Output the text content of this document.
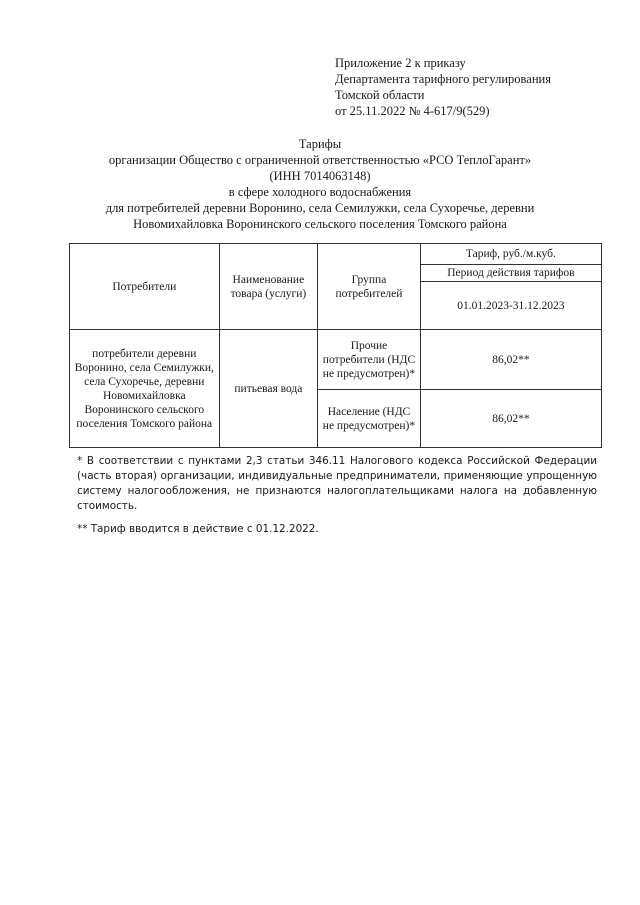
Приложение 2 к приказу
Департамента тарифного регулирования
Томской области
от 25.11.2022 № 4-617/9(529)
Тарифы
организации Общество с ограниченной ответственностью «РСО ТеплоГарант»
(ИНН 7014063148)
в сфере холодного водоснабжения
для потребителей деревни Воронино, села Семилужки, села Сухоречье, деревни
Новомихайловка Воронинского сельского поселения Томского района
Потребители	Наименование товара (услуги)	Группа потребителей	Тариф, руб./м.куб.
			Период действия тарифов
			01.01.2023-31.12.2023
потребители деревни Воронино, села Семилужки, села Сухоречье, деревни Новомихайловка Воронинского сельского поселения Томского района	питьевая вода	Прочие потребители (НДС не предусмотрен)*	86,02**
		Население (НДС не предусмотрен)*	86,02**

* В соответствии с пунктами 2,3 статьи 346.11 Налогового кодекса Российской Федерации (часть вторая) организации, индивидуальные предприниматели, применяющие упрощенную систему налогообложения, не признаются налогоплательщиками налога на добавленную стоимость.

** Тариф вводится в действие с 01.12.2022.
